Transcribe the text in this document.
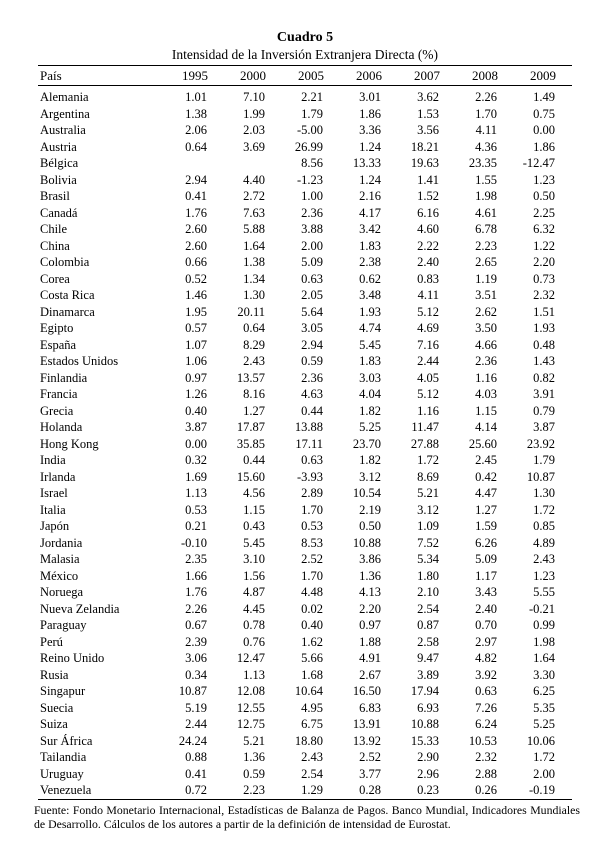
Cuadro 5
Intensidad de la Inversión Extranjera Directa (%)
País	1995	2000	2005	2006	2007	2008	2009
Alemania	1.01	7.10	2.21	3.01	3.62	2.26	1.49
Argentina	1.38	1.99	1.79	1.86	1.53	1.70	0.75
Australia	2.06	2.03	-5.00	3.36	3.56	4.11	0.00
Austria	0.64	3.69	26.99	1.24	18.21	4.36	1.86
Bélgica			8.56	13.33	19.63	23.35	-12.47
Bolivia	2.94	4.40	-1.23	1.24	1.41	1.55	1.23
Brasil	0.41	2.72	1.00	2.16	1.52	1.98	0.50
Canadá	1.76	7.63	2.36	4.17	6.16	4.61	2.25
Chile	2.60	5.88	3.88	3.42	4.60	6.78	6.32
China	2.60	1.64	2.00	1.83	2.22	2.23	1.22
Colombia	0.66	1.38	5.09	2.38	2.40	2.65	2.20
Corea	0.52	1.34	0.63	0.62	0.83	1.19	0.73
Costa Rica	1.46	1.30	2.05	3.48	4.11	3.51	2.32
Dinamarca	1.95	20.11	5.64	1.93	5.12	2.62	1.51
Egipto	0.57	0.64	3.05	4.74	4.69	3.50	1.93
España	1.07	8.29	2.94	5.45	7.16	4.66	0.48
Estados Unidos	1.06	2.43	0.59	1.83	2.44	2.36	1.43
Finlandia	0.97	13.57	2.36	3.03	4.05	1.16	0.82
Francia	1.26	8.16	4.63	4.04	5.12	4.03	3.91
Grecia	0.40	1.27	0.44	1.82	1.16	1.15	0.79
Holanda	3.87	17.87	13.88	5.25	11.47	4.14	3.87
Hong Kong	0.00	35.85	17.11	23.70	27.88	25.60	23.92
India	0.32	0.44	0.63	1.82	1.72	2.45	1.79
Irlanda	1.69	15.60	-3.93	3.12	8.69	0.42	10.87
Israel	1.13	4.56	2.89	10.54	5.21	4.47	1.30
Italia	0.53	1.15	1.70	2.19	3.12	1.27	1.72
Japón	0.21	0.43	0.53	0.50	1.09	1.59	0.85
Jordania	-0.10	5.45	8.53	10.88	7.52	6.26	4.89
Malasia	2.35	3.10	2.52	3.86	5.34	5.09	2.43
México	1.66	1.56	1.70	1.36	1.80	1.17	1.23
Noruega	1.76	4.87	4.48	4.13	2.10	3.43	5.55
Nueva Zelandia	2.26	4.45	0.02	2.20	2.54	2.40	-0.21
Paraguay	0.67	0.78	0.40	0.97	0.87	0.70	0.99
Perú	2.39	0.76	1.62	1.88	2.58	2.97	1.98
Reino Unido	3.06	12.47	5.66	4.91	9.47	4.82	1.64
Rusia	0.34	1.13	1.68	2.67	3.89	3.92	3.30
Singapur	10.87	12.08	10.64	16.50	17.94	0.63	6.25
Suecia	5.19	12.55	4.95	6.83	6.93	7.26	5.35
Suiza	2.44	12.75	6.75	13.91	10.88	6.24	5.25
Sur África	24.24	5.21	18.80	13.92	15.33	10.53	10.06
Tailandia	0.88	1.36	2.43	2.52	2.90	2.32	1.72
Uruguay	0.41	0.59	2.54	3.77	2.96	2.88	2.00
Venezuela	0.72	2.23	1.29	0.28	0.23	0.26	-0.19

Fuente: Fondo Monetario Internacional, Estadísticas de Balanza de Pagos. Banco Mundial, Indicadores Mundiales de Desarrollo. Cálculos de los autores a partir de la definición de intensidad de Eurostat.
